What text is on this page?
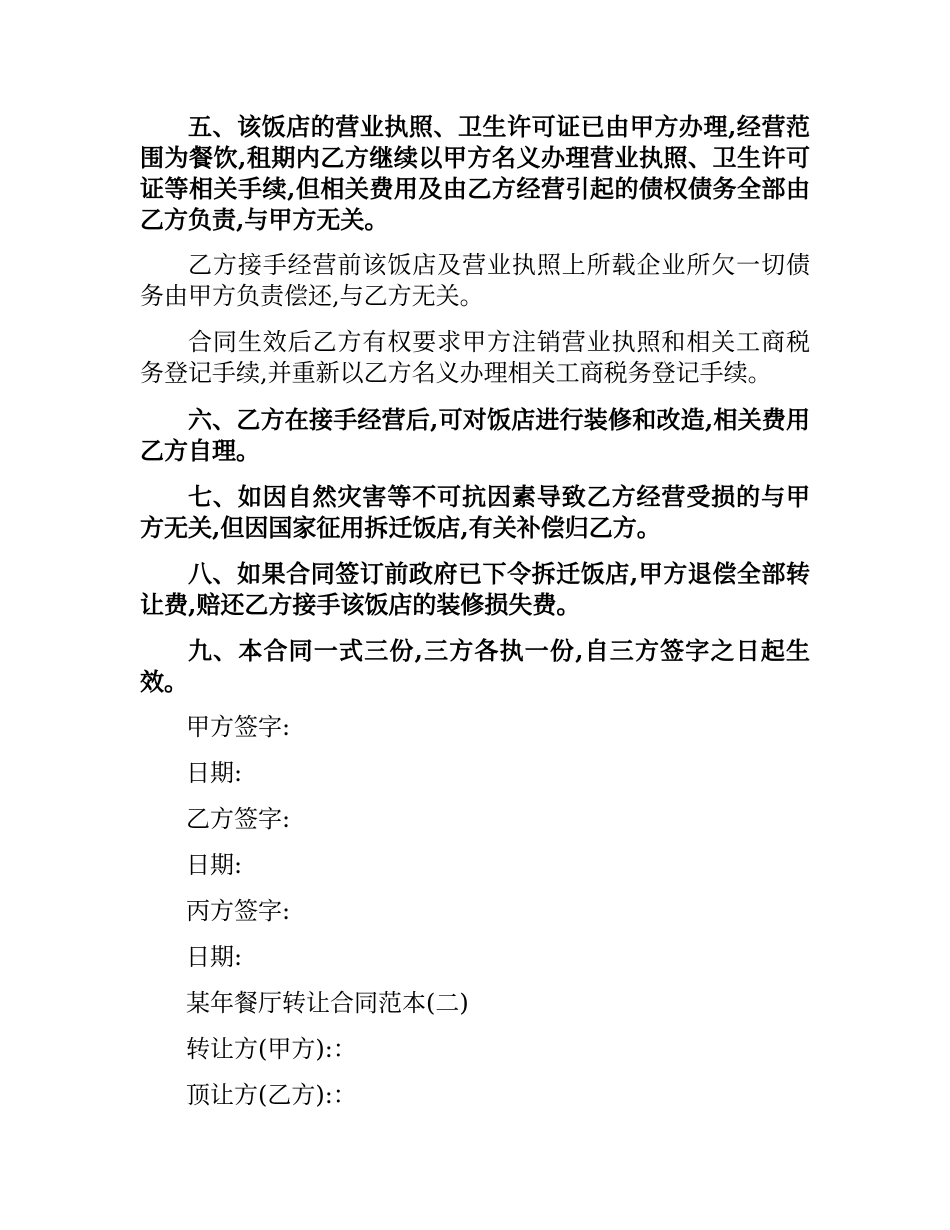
五、该饭店的营业执照、卫生许可证已由甲方办理,经营范围为餐饮,租期内乙方继续以甲方名义办理营业执照、卫生许可证等相关手续,但相关费用及由乙方经营引起的债权债务全部由乙方负责,与甲方无关。

乙方接手经营前该饭店及营业执照上所载企业所欠一切债务由甲方负责偿还,与乙方无关。

合同生效后乙方有权要求甲方注销营业执照和相关工商税务登记手续,并重新以乙方名义办理相关工商税务登记手续。

六、乙方在接手经营后,可对饭店进行装修和改造,相关费用乙方自理。

七、如因自然灾害等不可抗因素导致乙方经营受损的与甲方无关,但因国家征用拆迁饭店,有关补偿归乙方。

八、如果合同签订前政府已下令拆迁饭店,甲方退偿全部转让费,赔还乙方接手该饭店的装修损失费。

九、本合同一式三份,三方各执一份,自三方签字之日起生效。

甲方签字:
日期:
乙方签字:
日期:
丙方签字:
日期:
某年餐厅转让合同范本(二)
转让方(甲方):：
顶让方(乙方):：
